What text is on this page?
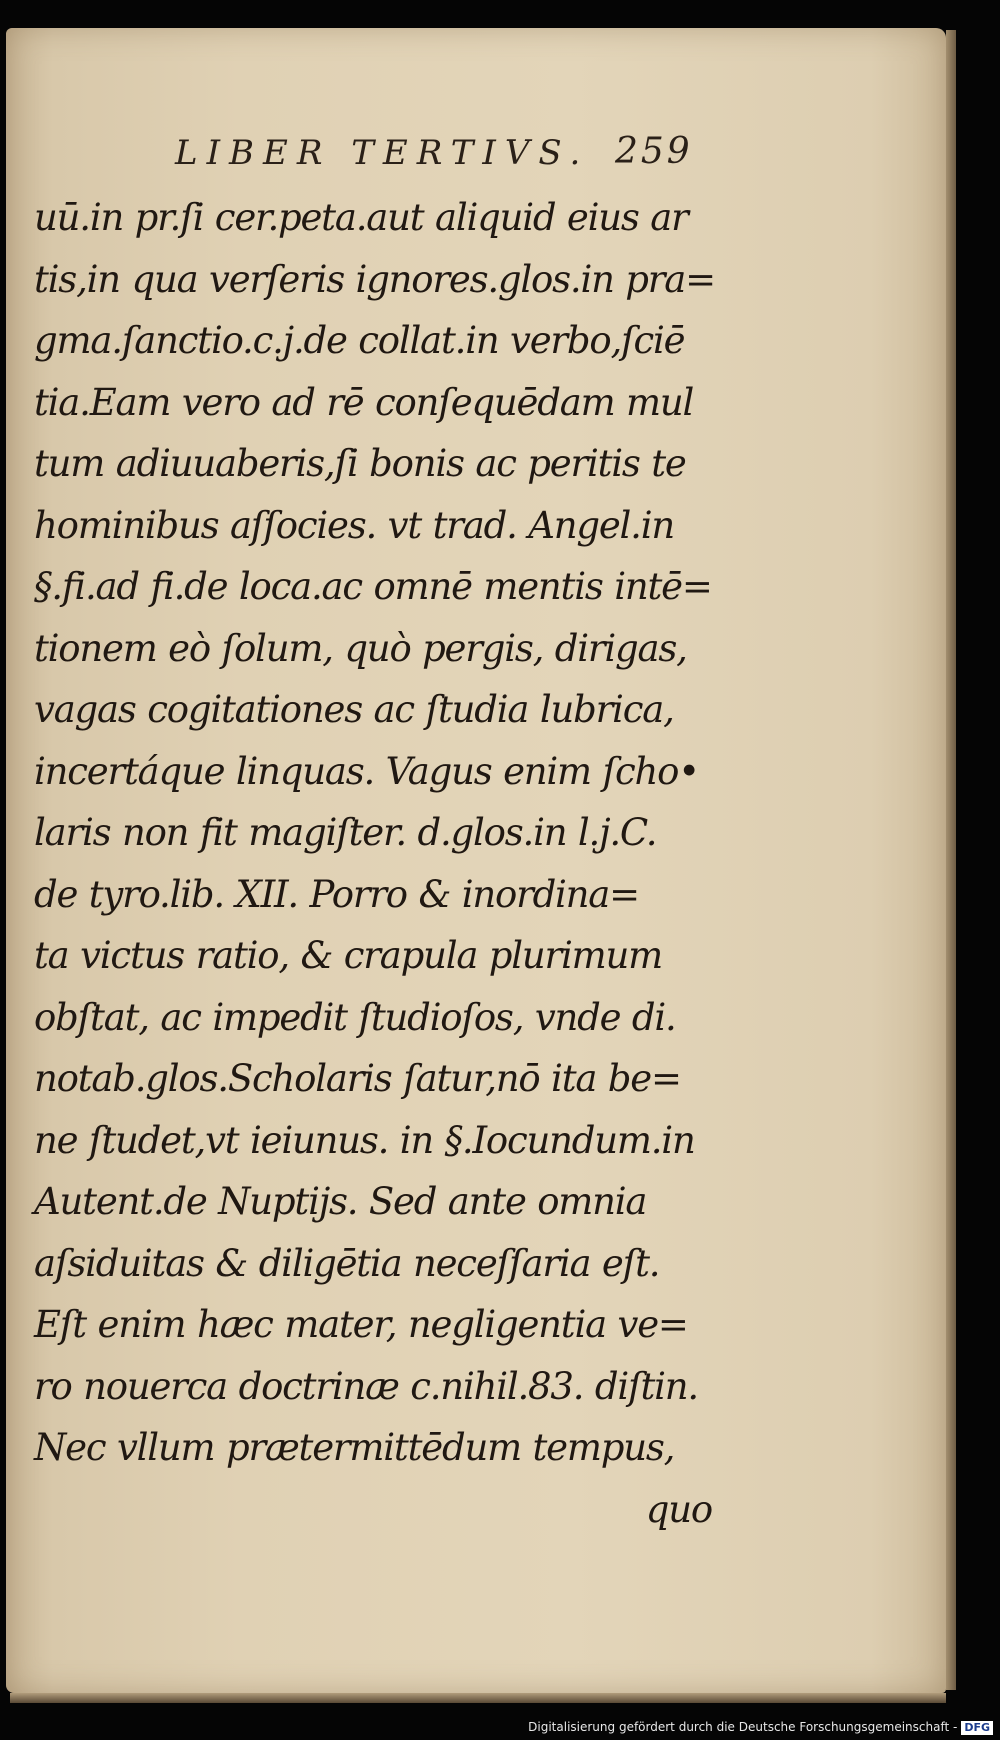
LIBER TERTIVS. 259
uū.in pr.ſi cer.peta.aut aliquid eius ar
tis,in qua verſeris ignores.glos.in pra=
gma.ſanctio.c.j.de collat.in verbo,ſciē
tia.Eam vero ad rē conſequēdam mul
tum adiuuaberis,ſi bonis ac peritis te
hominibus aſſocies. vt trad. Angel.in
§.fi.ad fi.de loca.ac omnē mentis intē=
tionem eò ſolum, quò pergis, dirigas,
vagas cogitationes ac ſtudia lubrica,
incertáque linquas. Vagus enim ſcho•
laris non fit magiſter. d.glos.in l.j.C.
de tyro.lib. XII. Porro & inordina=
ta victus ratio, & crapula plurimum
obſtat, ac impedit ſtudioſos, vnde di.
notab.glos.Scholaris ſatur,nō ita be=
ne ſtudet,vt ieiunus. in §.Iocundum.in
Autent.de Nuptijs. Sed ante omnia
aſsiduitas & diligētia neceſſaria eſt.
Eſt enim hæc mater, negligentia ve=
ro nouerca doctrinæ c.nihil.83. diſtin.
Nec vllum prætermittēdum tempus,
quo
Digitalisierung gefördert durch die Deutsche Forschungsgemeinschaft - DFG
